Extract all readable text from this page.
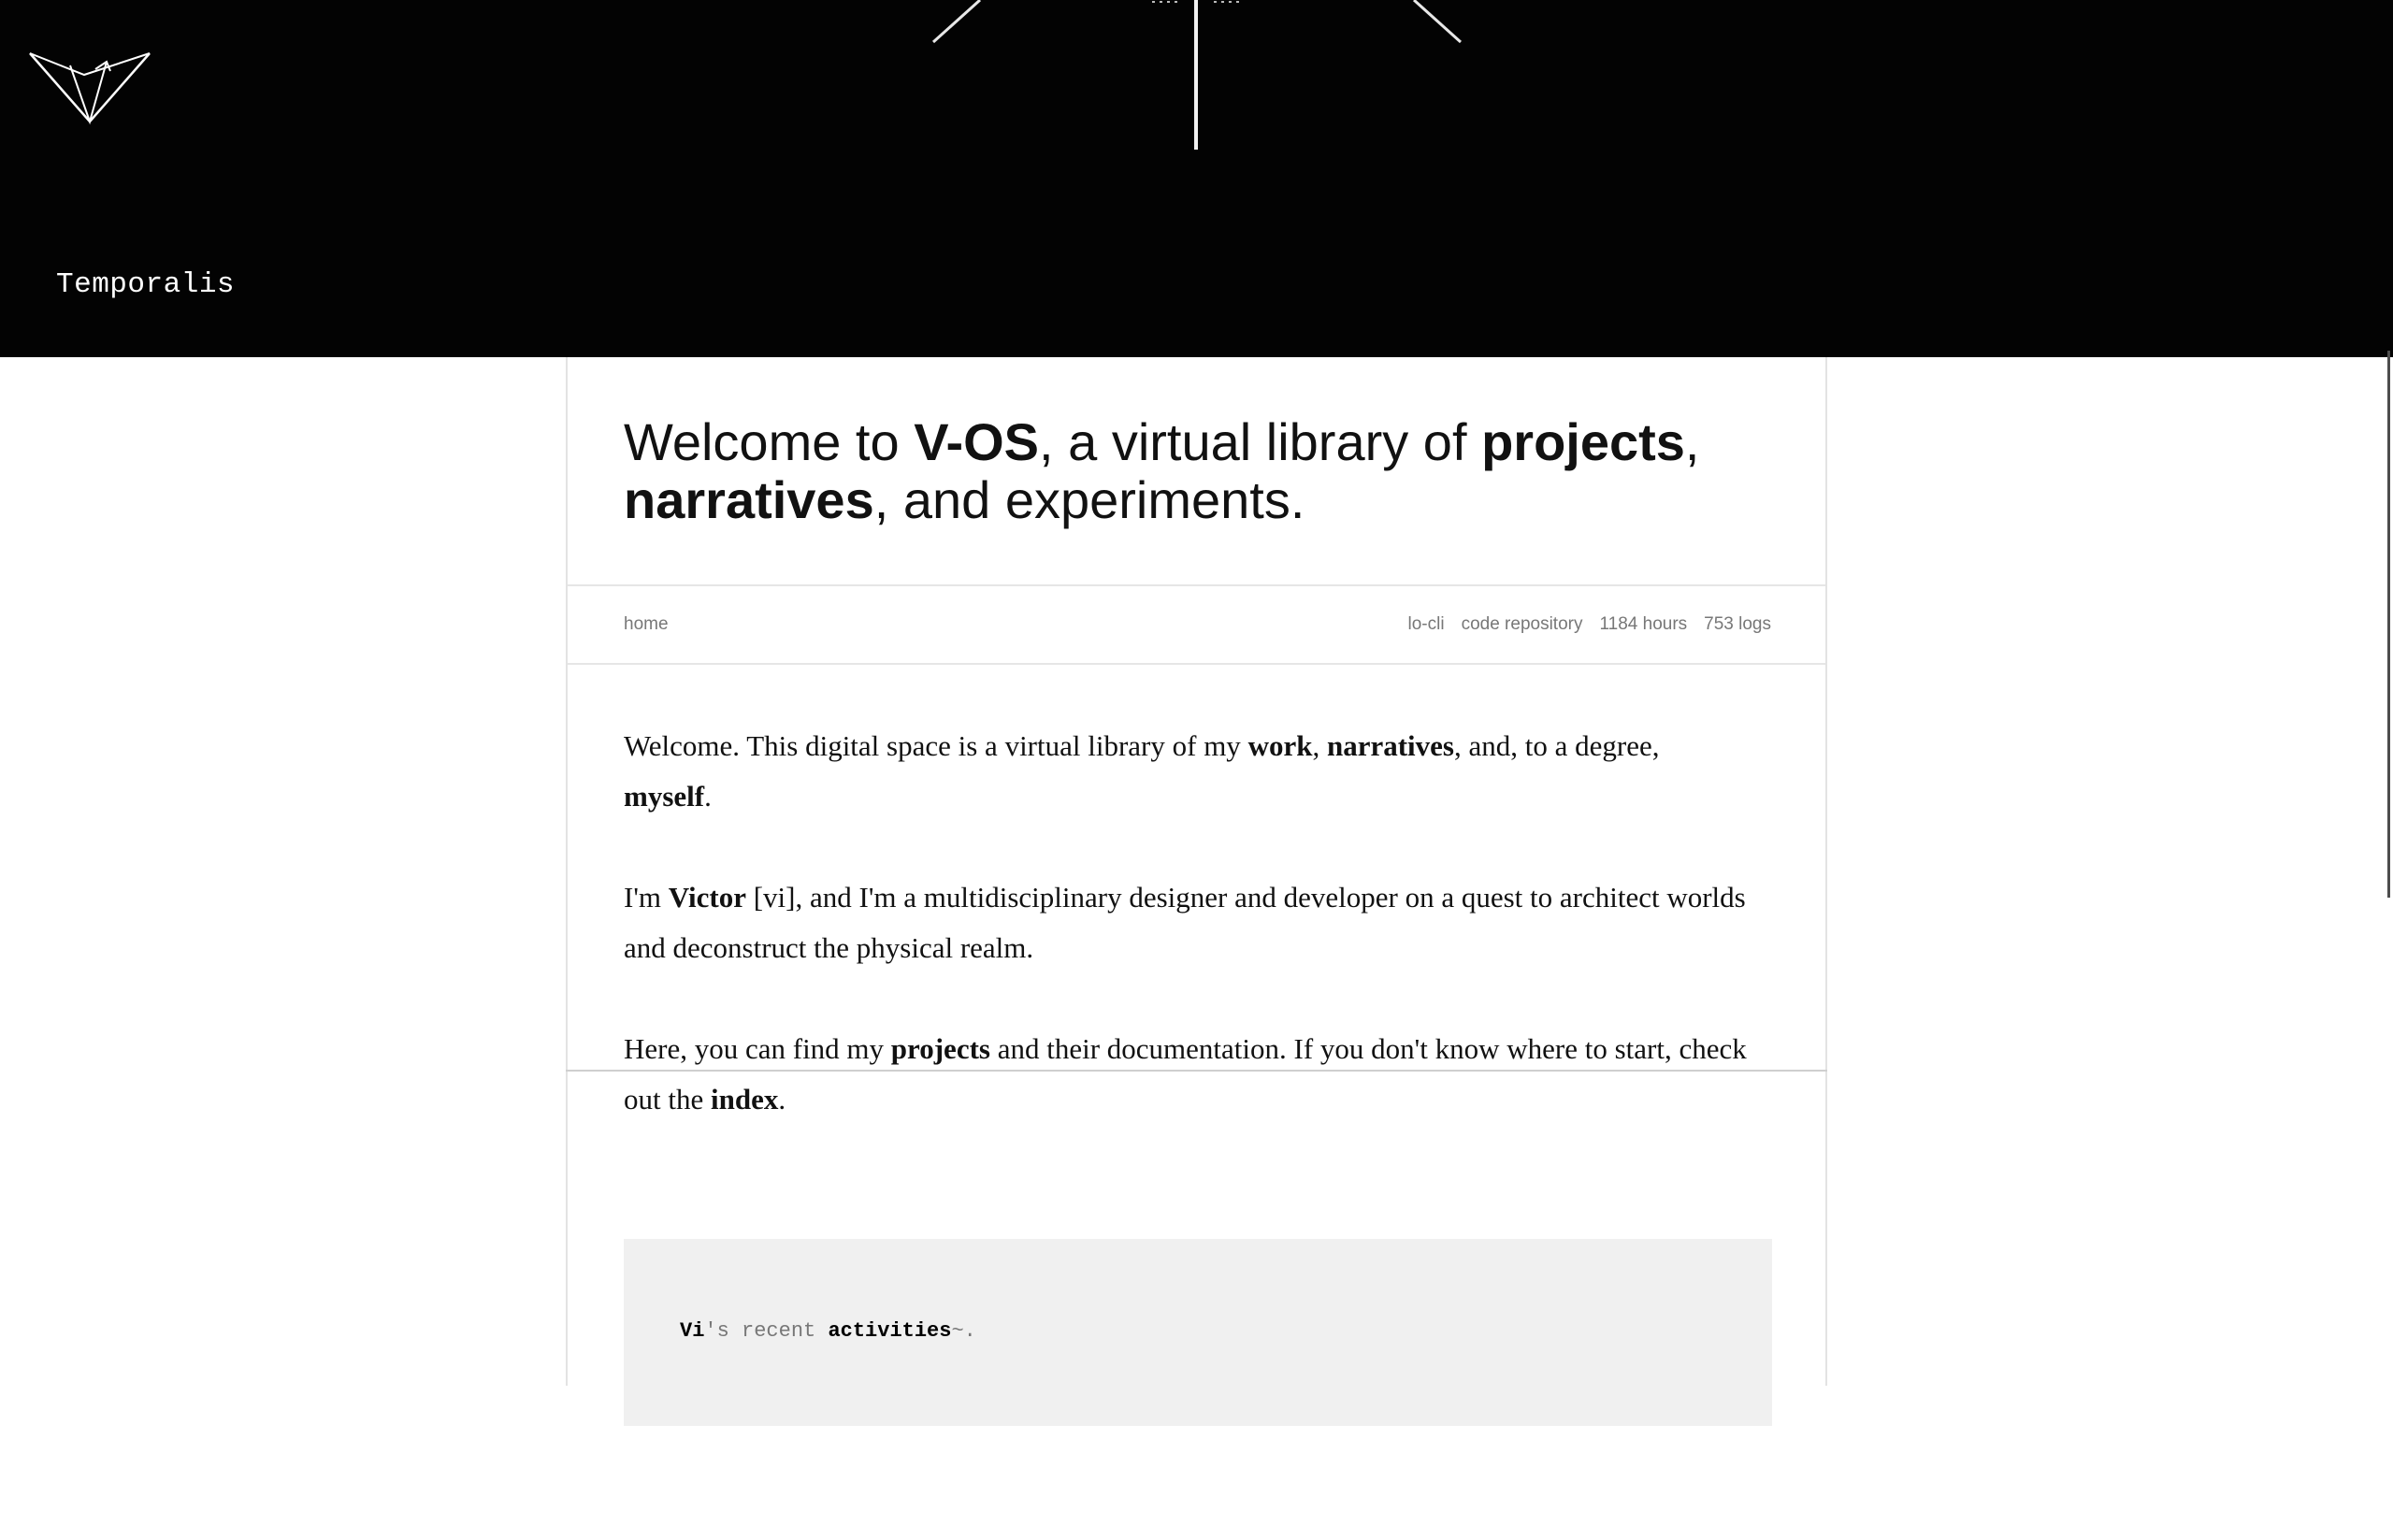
Temporalis
Welcome to V-OS, a virtual library of projects,
narratives, and experiments.
home	lo-cli code repository 1184 hours 753 logs

Welcome. This digital space is a virtual library of my work, narratives, and, to a degree,
myself.

I'm Victor [vi], and I'm a multidisciplinary designer and developer on a quest to architect worlds and deconstruct the physical realm.

Here, you can find my projects and their documentation. If you don't know where to start, check out the index.

Vi's recent activities~.
